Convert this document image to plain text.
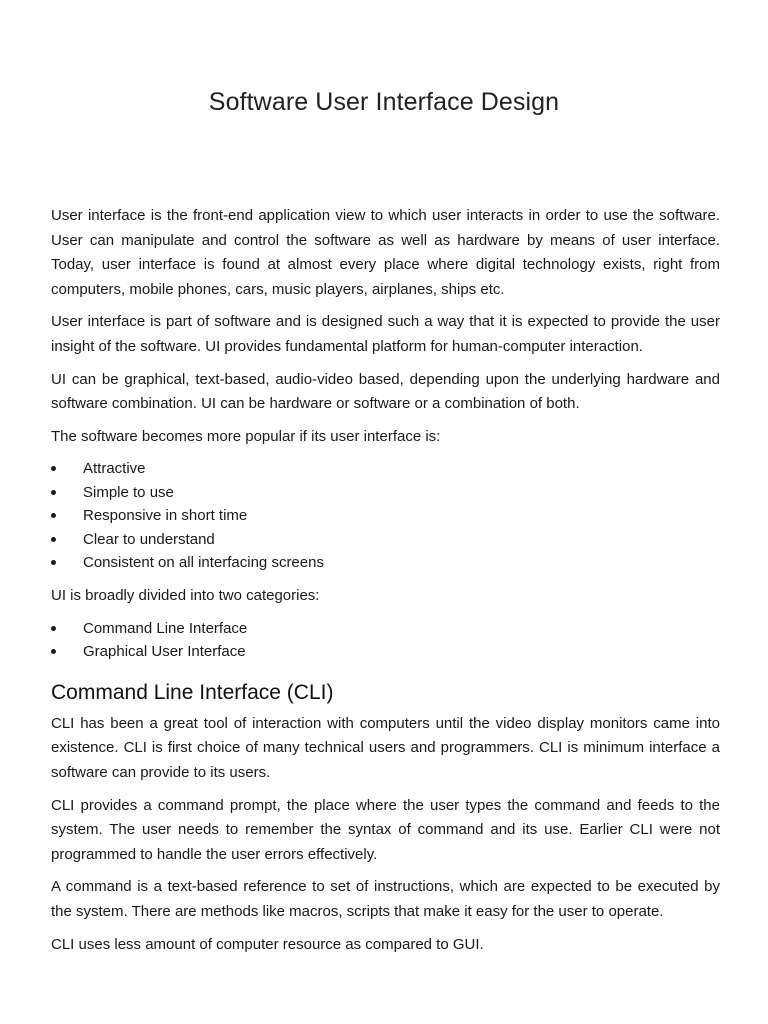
Software User Interface Design

User interface is the front-end application view to which user interacts in order to use the software. User can manipulate and control the software as well as hardware by means of user interface. Today, user interface is found at almost every place where digital technology exists, right from computers, mobile phones, cars, music players, airplanes, ships etc.

User interface is part of software and is designed such a way that it is expected to provide the user insight of the software. UI provides fundamental platform for human-computer interaction.

UI can be graphical, text-based, audio-video based, depending upon the underlying hardware and software combination. UI can be hardware or software or a combination of both.

The software becomes more popular if its user interface is:

Attractive
Simple to use
Responsive in short time
Clear to understand
Consistent on all interfacing screens

UI is broadly divided into two categories:

Command Line Interface
Graphical User Interface
Command Line Interface (CLI)

CLI has been a great tool of interaction with computers until the video display monitors came into existence. CLI is first choice of many technical users and programmers. CLI is minimum interface a software can provide to its users.

CLI provides a command prompt, the place where the user types the command and feeds to the system. The user needs to remember the syntax of command and its use. Earlier CLI were not programmed to handle the user errors effectively.

A command is a text-based reference to set of instructions, which are expected to be executed by the system. There are methods like macros, scripts that make it easy for the user to operate.

CLI uses less amount of computer resource as compared to GUI.
